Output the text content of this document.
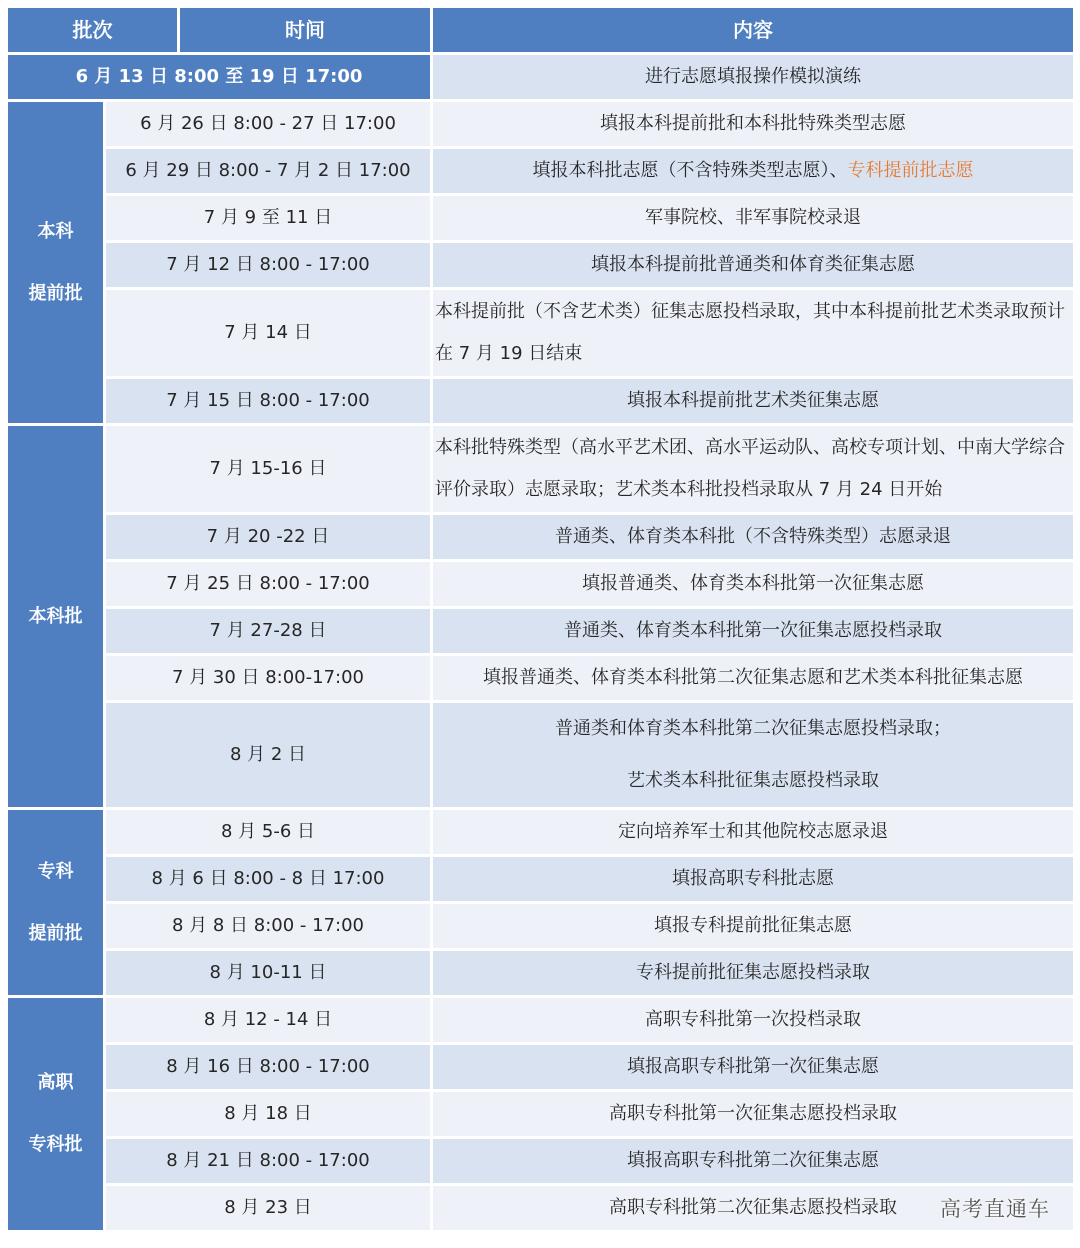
批次		时间	内容
6 月 13 日 8:00 至 19 日 17:00			进行志愿填报操作模拟演练

本科
提前批	6 月 26 日 8:00 - 27 日 17:00		填报本科提前批和本科批特殊类型志愿
	6 月 29 日 8:00 - 7 月 2 日 17:00		填报本科批志愿（不含特殊类型志愿）、专科提前批志愿
	7 月 9 至 11 日		军事院校、非军事院校录退
	7 月 12 日 8:00 - 17:00		填报本科提前批普通类和体育类征集志愿
	7 月 14 日		本科提前批（不含艺术类）征集志愿投档录取，其中本科提前批艺术类录取预计在 7 月 19 日结束
	7 月 15 日 8:00 - 17:00		填报本科提前批艺术类征集志愿

本科批	7 月 15-16 日		本科批特殊类型（高水平艺术团、高水平运动队、高校专项计划、中南大学综合评价录取）志愿录取；艺术类本科批投档录取从 7 月 24 日开始
	7 月 20 -22 日		普通类、体育类本科批（不含特殊类型）志愿录退
	7 月 25 日 8:00 - 17:00		填报普通类、体育类本科批第一次征集志愿
	7 月 27-28 日		普通类、体育类本科批第一次征集志愿投档录取
	7 月 30 日 8:00-17:00		填报普通类、体育类本科批第二次征集志愿和艺术类本科批征集志愿
	8 月 2 日		普通类和体育类本科批第二次征集志愿投档录取；
艺术类本科批征集志愿投档录取

专科
提前批	8 月 5-6 日		定向培养军士和其他院校志愿录退
	8 月 6 日 8:00 - 8 日 17:00		填报高职专科批志愿
	8 月 8 日 8:00 - 17:00		填报专科提前批征集志愿
	8 月 10-11 日		专科提前批征集志愿投档录取

高职
专科批	8 月 12 - 14 日		高职专科批第一次投档录取
	8 月 16 日 8:00 - 17:00		填报高职专科批第一次征集志愿
	8 月 18 日		高职专科批第一次征集志愿投档录取
	8 月 21 日 8:00 - 17:00		填报高职专科批第二次征集志愿
	8 月 23 日		高职专科批第二次征集志愿投档录取 高考直通车
